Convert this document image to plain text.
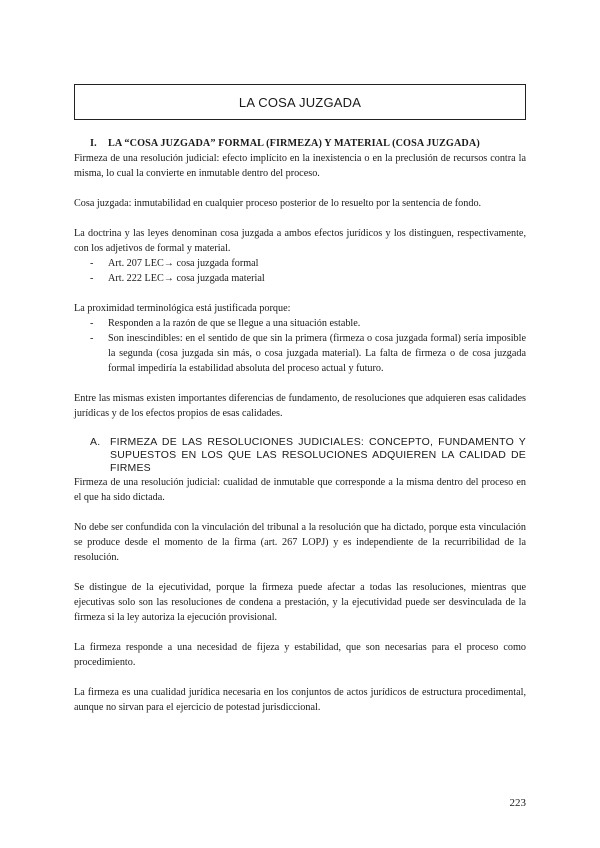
LA COSA JUZGADA

I. LA “COSA JUZGADA” FORMAL (FIRMEZA) Y MATERIAL (COSA JUZGADA)

Firmeza de una resolución judicial: efecto implícito en la inexistencia o en la preclusión de recursos contra la misma, lo cual la convierte en inmutable dentro del proceso.

Cosa juzgada: inmutabilidad en cualquier proceso posterior de lo resuelto por la sentencia de fondo.

La doctrina y las leyes denominan cosa juzgada a ambos efectos jurídicos y los distinguen, respectivamente, con los adjetivos de formal y material.

- Art. 207 LEC→ cosa juzgada formal
- Art. 222 LEC→ cosa juzgada material

La proximidad terminológica está justificada porque:

- Responden a la razón de que se llegue a una situación estable.
- Son inescindibles: en el sentido de que sin la primera (firmeza o cosa juzgada formal) sería imposible la segunda (cosa juzgada sin más, o cosa juzgada material). La falta de firmeza o de cosa juzgada formal impediría la estabilidad absoluta del proceso actual y futuro.

Entre las mismas existen importantes diferencias de fundamento, de resoluciones que adquieren esas calidades jurídicas y de los efectos propios de esas calidades.

A. FIRMEZA DE LAS RESOLUCIONES JUDICIALES: CONCEPTO, FUNDAMENTO Y SUPUESTOS EN LOS QUE LAS RESOLUCIONES ADQUIEREN LA CALIDAD DE FIRMES

Firmeza de una resolución judicial: cualidad de inmutable que corresponde a la misma dentro del proceso en el que ha sido dictada.

No debe ser confundida con la vinculación del tribunal a la resolución que ha dictado, porque esta vinculación se produce desde el momento de la firma (art. 267 LOPJ) y es independiente de la recurribilidad de la resolución.

Se distingue de la ejecutividad, porque la firmeza puede afectar a todas las resoluciones, mientras que ejecutivas solo son las resoluciones de condena a prestación, y la ejecutividad puede ser desvinculada de la firmeza si la ley autoriza la ejecución provisional.

La firmeza responde a una necesidad de fijeza y estabilidad, que son necesarias para el proceso como procedimiento.

La firmeza es una cualidad jurídica necesaria en los conjuntos de actos jurídicos de estructura procedimental, aunque no sirvan para el ejercicio de potestad jurisdiccional.

223
